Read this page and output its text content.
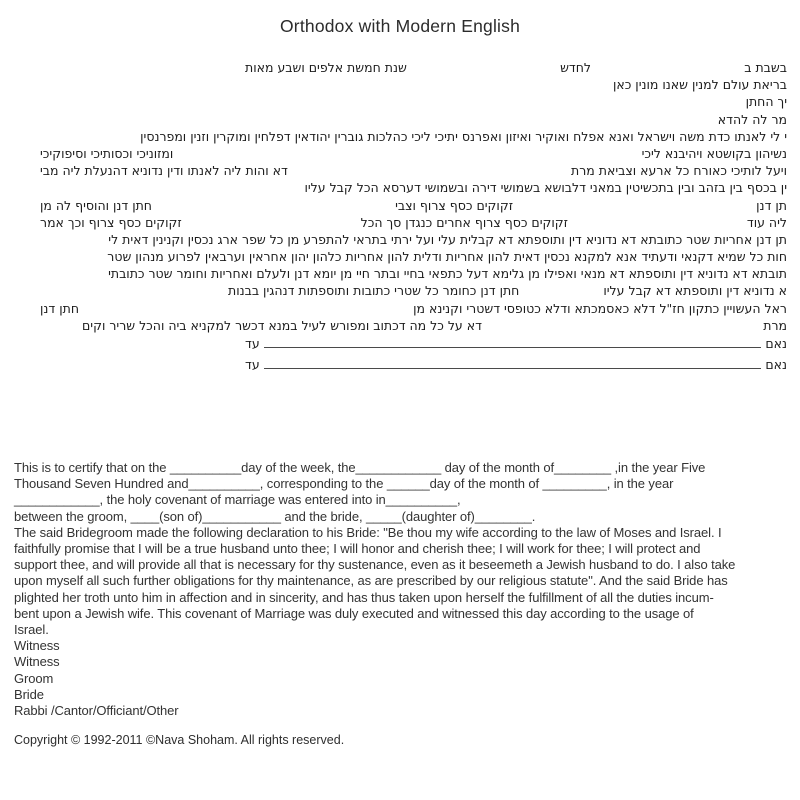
Orthodox with Modern English
בשבת ב
לחדש
שנת חמשת אלפים ושבע מאות
בריאת עולם למנין שאנו מונין כאן
יך החתן
מר לה להדא
י לי לאנתו כדת משה וישראל ואנא אפלח ואוקיר ואיזון ואפרנס יתיכי ליכי כהלכות גוברין יהודאין דפלחין ומוקרין וזנין ומפרנסין
נשיהון בקושטא ויהיבנא ליכי
ומזוניכי וכסותיכי וסיפוקיכי
ויעל לותיכי כאורח כל ארעא וצביאת מרת
דא והות ליה לאנתו ודין נדוניא דהנעלת ליה מבי
ין בכסף בין בזהב ובין בתכשיטין במאני דלבושא בשמושי דירה ובשמושי דערסא הכל קבל עליו
תן דנן
זקוקים כסף צרוף וצבי
חתן דנן והוסיף לה מן
ליה עוד
זקוקים כסף צרוף אחרים כנגדן סך הכל
זקוקים כסף צרוף וכך אמר
תן דנן אחריות שטר כתובתא דא נדוניא דין ותוספתא דא קבלית עלי ועל ירתי בתראי להתפרע מן כל שפר ארג נכסין וקנינין דאית לי
חות כל שמיא דקנאי ודעתיד אנא למקנא נכסין דאית להון אחריות ודלית להון אחריות כלהון יהון אחראין וערבאין לפרוע מנהון שטר
תובתא דא נדוניא דין ותוספתא דא מנאי ואפילו מן גלימא דעל כתפאי בחיי ובתר חיי מן יומא דנן ולעלם ואחריות וחומר שטר כתובתי
א נדוניא דין ותוספתא דא קבל עליו
חתן דנן כחומר כל שטרי כתובות ותוספתות דנהגין בבנות
ראל העשויין כתקון חז"ל דלא כאסמכתא ודלא כטופסי דשטרי וקנינא מן
חתן דנן
מרת
דא על כל מה דכתוב ומפורש לעיל במנא דכשר למקניא ביה והכל שריר וקים
נאם
עד
נאם
עד
This is to certify that on the __________day of the week, the____________ day of the month of________ ,in the year Five
Thousand Seven Hundred and__________, corresponding to the ______day of the month of _________, in the year
____________, the holy covenant of marriage was entered into in__________,
between the groom, ____(son of)___________ and the bride, _____(daughter of)________.
The said Bridegroom made the following declaration to his Bride: "Be thou my wife according to the law of Moses and Israel. I
faithfully promise that I will be a true husband unto thee; I will honor and cherish thee; I will work for thee; I will protect and
support thee, and will provide all that is necessary for thy sustenance, even as it beseemeth a Jewish husband to do. I also take
upon myself all such further obligations for thy maintenance, as are prescribed by our religious statute". And the said Bride has
plighted her troth unto him in affection and in sincerity, and has thus taken upon herself the fulfillment of all the duties incum-
bent upon a Jewish wife. This covenant of Marriage was duly executed and witnessed this day according to the usage of
Israel.
Witness
Witness
Groom
Bride
Rabbi /Cantor/Officiant/Other
Copyright © 1992-2011 ©Nava Shoham. All rights reserved.
